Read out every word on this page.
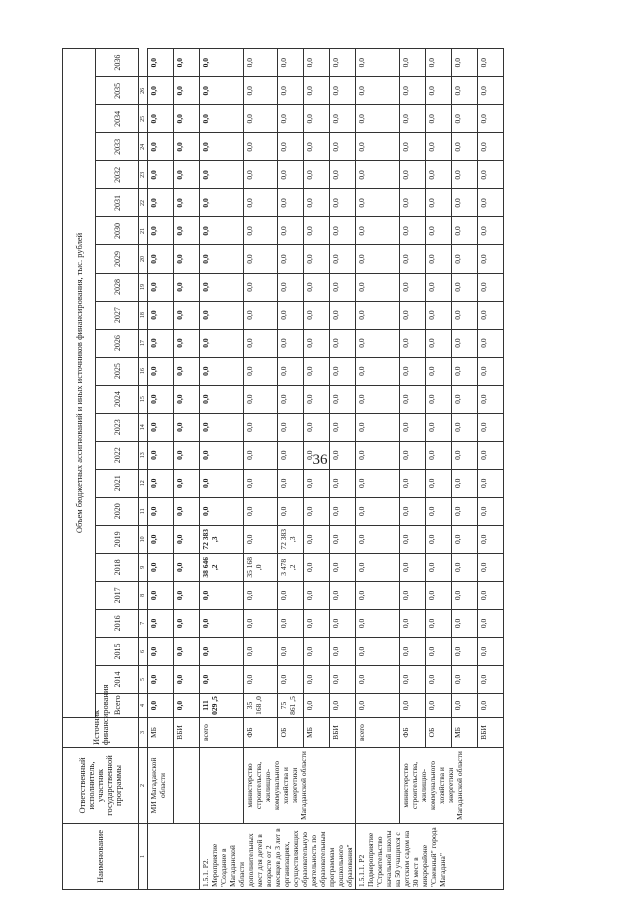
36
Наименование	Ответственный исполнитель, участник государственной программы	Источник финансирования	Объем бюджетных ассигнований и иных источников финансирования, тыс. рублей																							
			Всего	2014	2015	2016	2017	2018	2019	2020	2021	2022	2023	2024	2025	2026	2027	2028	2029	2030	2031	2032	2033	2034	2035	2036
1	2	3	4	5	6	7	8	9	10	11	12	13	14	15	16	17	18	19	20	21	22	23	24	25	26	
	МИ Магаданской области	МБ	0,0	0,0	0,0	0,0	0,0	0,0	0,0	0,0	0,0	0,0	0,0	0,0	0,0	0,0	0,0	0,0	0,0	0,0	0,0	0,0	0,0	0,0	0,0	0,0
		ВБИ	0,0	0,0	0,0	0,0	0,0	0,0	0,0	0,0	0,0	0,0	0,0	0,0	0,0	0,0	0,0	0,0	0,0	0,0	0,0	0,0	0,0	0,0	0,0	0,0
1.5.1. Р2. Мероприятие "Создание в Магаданской области дополнительных мест для детей в возрасте от 2 месяцев до 3 лет в организациях, осуществляющих образовательную деятельность по образовательным программам дошкольного образования"		всего	111 029 ,5	0,0	0,0	0,0	0,0	38 646 ,2	72 383 ,3	0,0	0,0	0,0	0,0	0,0	0,0	0,0	0,0	0,0	0,0	0,0	0,0	0,0	0,0	0,0	0,0	0,0
	министерство строительства, жилищно-коммунального хозяйства и энергетики Магаданской области	ФБ	35 168 ,0	0,0	0,0	0,0	0,0	35 168 ,0	0,0	0,0	0,0	0,0	0,0	0,0	0,0	0,0	0,0	0,0	0,0	0,0	0,0	0,0	0,0	0,0	0,0	0,0
		ОБ	75 861 ,5	0,0	0,0	0,0	0,0	3 478 ,2	72 383 ,3	0,0	0,0	0,0	0,0	0,0	0,0	0,0	0,0	0,0	0,0	0,0	0,0	0,0	0,0	0,0	0,0	0,0
		МБ	0,0	0,0	0,0	0,0	0,0	0,0	0,0	0,0	0,0	0,0	0,0	0,0	0,0	0,0	0,0	0,0	0,0	0,0	0,0	0,0	0,0	0,0	0,0	0,0
		ВБИ	0,0	0,0	0,0	0,0	0,0	0,0	0,0	0,0	0,0	0,0	0,0	0,0	0,0	0,0	0,0	0,0	0,0	0,0	0,0	0,0	0,0	0,0	0,0	0,0
1.5.1.1. Р2 Подмероприятие "Строительство начальной школы на 50 учащихся с детским садом на 30 мест в микрорайоне "Снежный" города Магадана"		всего	0,0	0,0	0,0	0,0	0,0	0,0	0,0	0,0	0,0	0,0	0,0	0,0	0,0	0,0	0,0	0,0	0,0	0,0	0,0	0,0	0,0	0,0	0,0	0,0
	министерство строительства, жилищно-коммунального хозяйства и энергетики Магаданской области	ФБ	0,0	0,0	0,0	0,0	0,0	0,0	0,0	0,0	0,0	0,0	0,0	0,0	0,0	0,0	0,0	0,0	0,0	0,0	0,0	0,0	0,0	0,0	0,0	0,0
		ОБ	0,0	0,0	0,0	0,0	0,0	0,0	0,0	0,0	0,0	0,0	0,0	0,0	0,0	0,0	0,0	0,0	0,0	0,0	0,0	0,0	0,0	0,0	0,0	0,0
		МБ	0,0	0,0	0,0	0,0	0,0	0,0	0,0	0,0	0,0	0,0	0,0	0,0	0,0	0,0	0,0	0,0	0,0	0,0	0,0	0,0	0,0	0,0	0,0	0,0
		ВБИ	0,0	0,0	0,0	0,0	0,0	0,0	0,0	0,0	0,0	0,0	0,0	0,0	0,0	0,0	0,0	0,0	0,0	0,0	0,0	0,0	0,0	0,0	0,0	0,0
